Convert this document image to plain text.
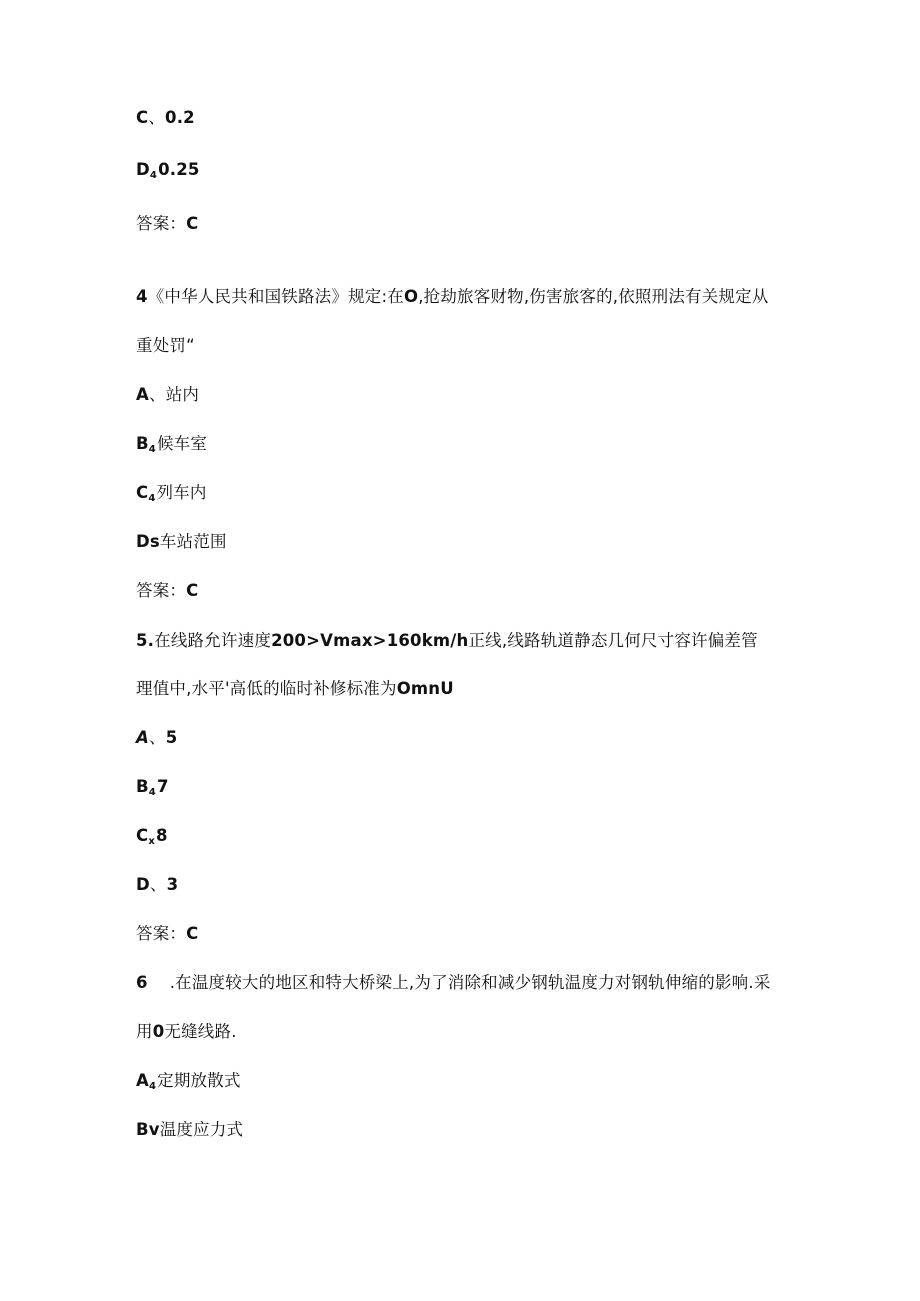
C、0.2
D40.25
答案：C
4《中华人民共和国铁路法》规定:在O,抢劫旅客财物,伤害旅客的,依照刑法有关规定从
重处罚“
A、站内
B4候车室
C4列车内
Ds车站范围
答案：C
5.在线路允许速度200>Vmax>160km/h正线,线路轨道静态几何尺寸容许偏差管
理值中,水平'高低的临时补修标准为OmnU
A、5
B47
Cx8
D、3
答案：C
6 .在温度较大的地区和特大桥梁上,为了消除和减少钢轨温度力对钢轨伸缩的影响.采
用0无缝线路.
A4定期放散式
Bv温度应力式
